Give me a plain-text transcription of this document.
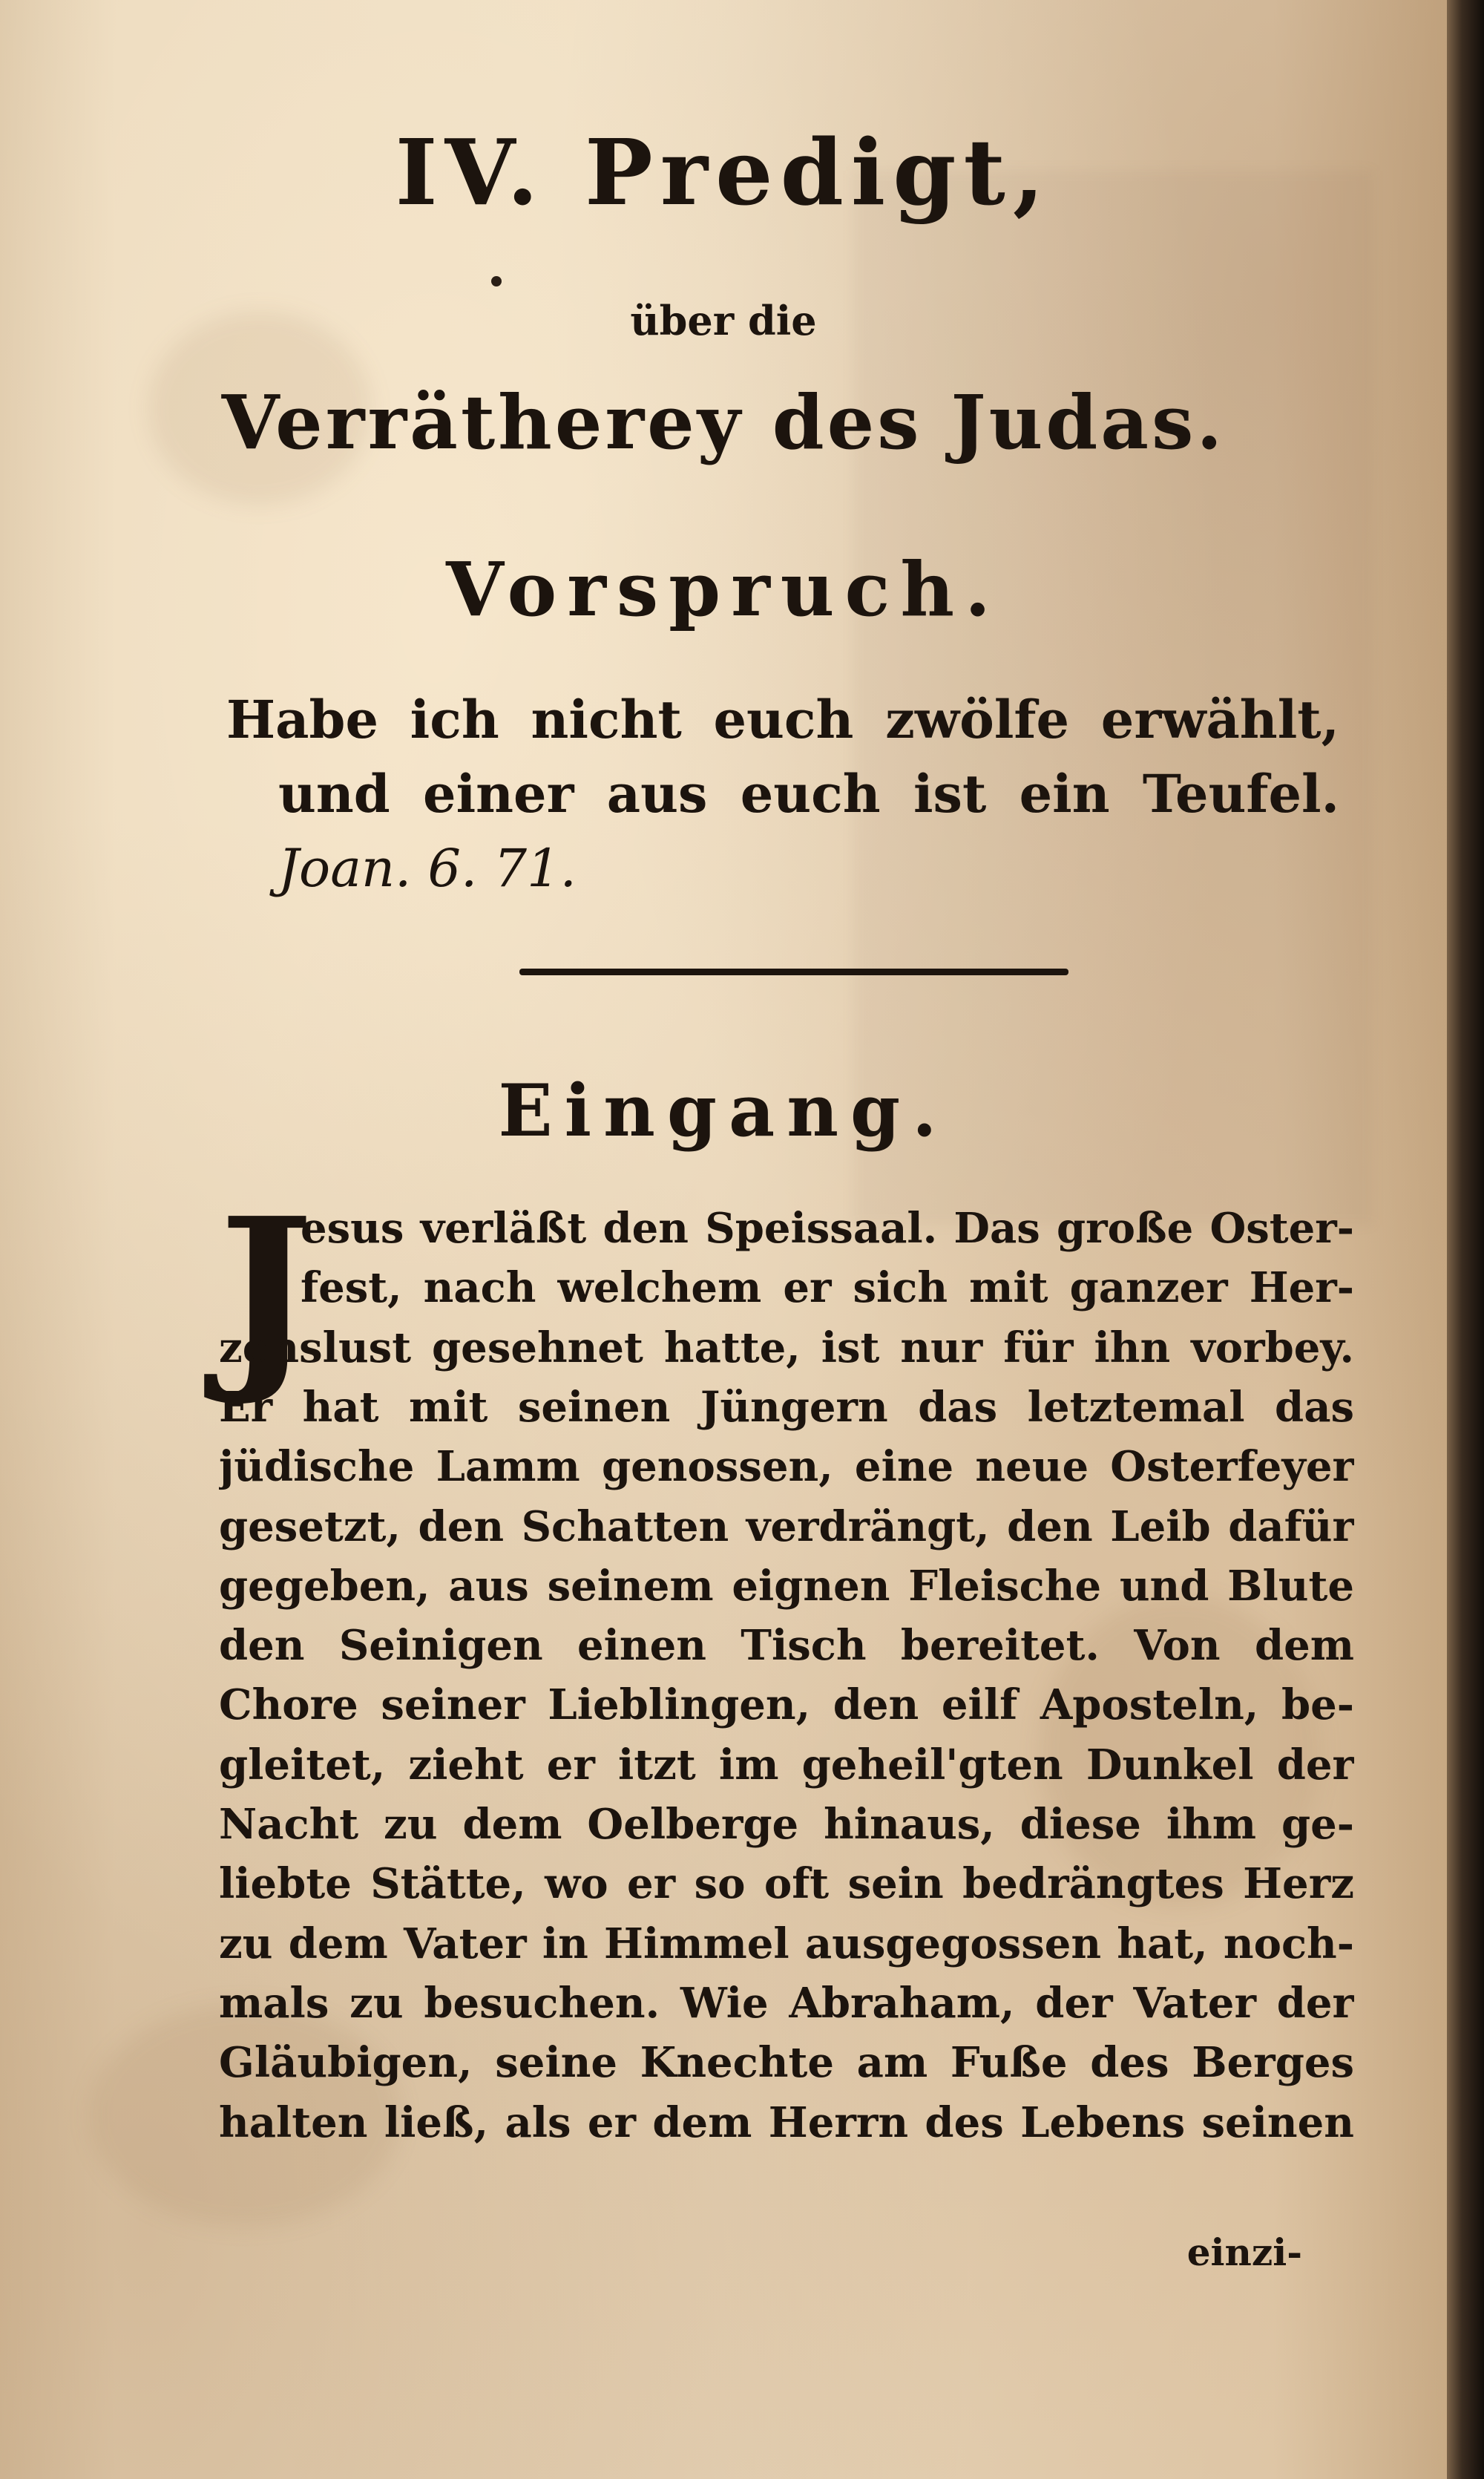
IV. Predigt,
über die
Verrätherey des Judas.
Vorspruch.
Habe ich nicht euch zwölfe erwählt,
und einer aus euch ist ein Teufel.
Joan. 6. 71.
Eingang.
J
esus verläßt den Speissaal. Das große Oster-
fest, nach welchem er sich mit ganzer Her-
zenslust gesehnet hatte, ist nur für ihn vorbey.
Er hat mit seinen Jüngern das letztemal das
jüdische Lamm genossen, eine neue Osterfeyer
gesetzt, den Schatten verdrängt, den Leib dafür
gegeben, aus seinem eignen Fleische und Blute
den Seinigen einen Tisch bereitet. Von dem
Chore seiner Lieblingen, den eilf Aposteln, be-
gleitet, zieht er itzt im geheil'gten Dunkel der
Nacht zu dem Oelberge hinaus, diese ihm ge-
liebte Stätte, wo er so oft sein bedrängtes Herz
zu dem Vater in Himmel ausgegossen hat, noch-
mals zu besuchen. Wie Abraham, der Vater der
Gläubigen, seine Knechte am Fuße des Berges
halten ließ, als er dem Herrn des Lebens seinen
einzi-
